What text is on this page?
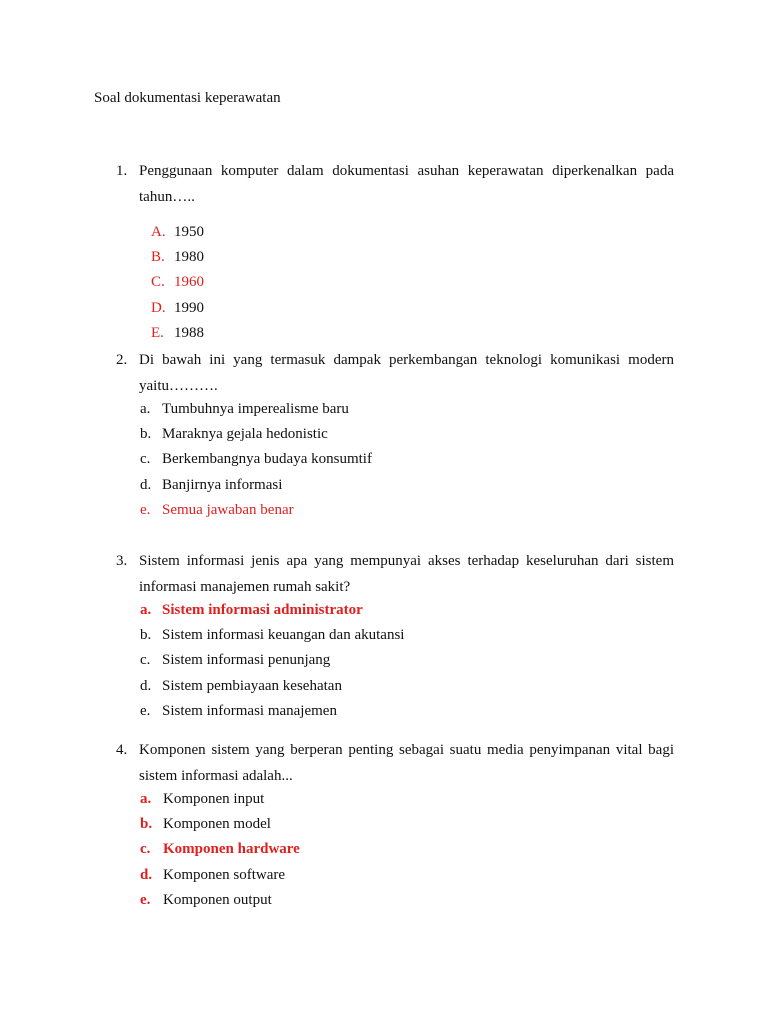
Soal dokumentasi keperawatan
1. Penggunaan komputer dalam dokumentasi asuhan keperawatan diperkenalkan pada tahun…..
A. 1950
B. 1980
C. 1960
D. 1990
E. 1988
2. Di bawah ini yang termasuk dampak perkembangan teknologi komunikasi modern yaitu……….
a. Tumbuhnya imperealisme baru
b. Maraknya gejala hedonistic
c. Berkembangnya budaya konsumtif
d. Banjirnya informasi
e. Semua jawaban benar
3. Sistem informasi jenis apa yang mempunyai akses terhadap keseluruhan dari sistem informasi manajemen rumah sakit?
a. Sistem informasi administrator
b. Sistem informasi keuangan dan akutansi
c. Sistem informasi penunjang
d. Sistem pembiayaan kesehatan
e. Sistem informasi manajemen
4. Komponen sistem yang berperan penting sebagai suatu media penyimpanan vital bagi sistem informasi adalah...
a. Komponen input
b. Komponen model
c. Komponen hardware
d. Komponen software
e. Komponen output
